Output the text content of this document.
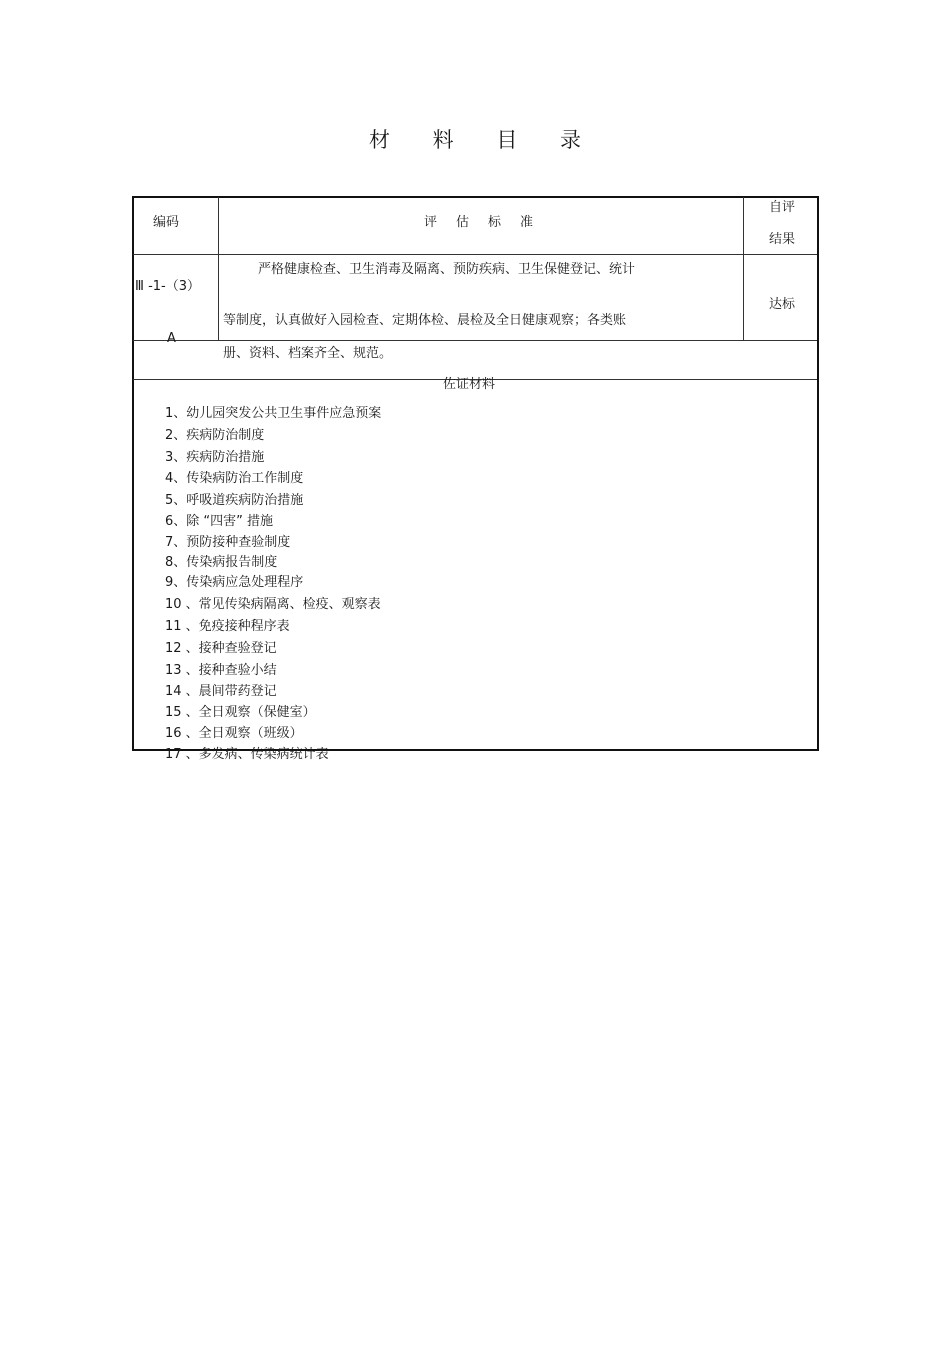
材 料 目 录
编码	评　估　标　准
自评
结果
Ⅲ -1-（3）
A
严格健康检查、卫生消毒及隔离、预防疾病、卫生保健登记、统计
等制度，认真做好入园检查、定期体检、晨检及全日健康观察；各类账
册、资料、档案齐全、规范。
达标
佐证材料
1、幼儿园突发公共卫生事件应急预案
2、疾病防治制度
3、疾病防治措施
4、传染病防治工作制度
5、呼吸道疾病防治措施
6、除 “四害” 措施
7、预防接种查验制度
8、传染病报告制度
9、传染病应急处理程序
10 、常见传染病隔离、检疫、观察表
11 、免疫接种程序表
12 、接种查验登记
13 、接种查验小结
14 、晨间带药登记
15 、全日观察（保健室）
16 、全日观察（班级）
17 、多发病、传染病统计表
